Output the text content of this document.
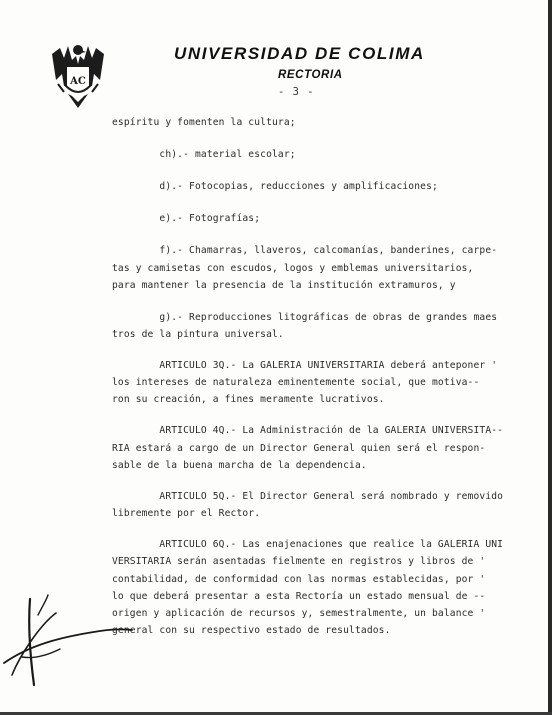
AC
UNIVERSIDAD DE COLIMA
RECTORIA
- 3 -

espíritu y fomenten la cultura;

ch).- material escolar;

d).- Fotocopias, reducciones y amplificaciones;

e).- Fotografías;

f).- Chamarras, llaveros, calcomanías, banderines, carpe-

tas y camisetas con escudos, logos y emblemas universitarios,

para mantener la presencia de la institución extramuros, y

g).- Reproducciones litográficas de obras de grandes maes

tros de la pintura universal.

ARTICULO 3Q.- La GALERIA UNIVERSITARIA deberá anteponer '

los intereses de naturaleza eminentemente social, que motiva--

ron su creación, a fines meramente lucrativos.

ARTICULO 4Q.- La Administración de la GALERIA UNIVERSITA--

RIA estará a cargo de un Director General quien será el respon-

sable de la buena marcha de la dependencia.

ARTICULO 5Q.- El Director General será nombrado y removido

libremente por el Rector.

ARTICULO 6Q.- Las enajenaciones que realice la GALERIA UNI

VERSITARIA serán asentadas fielmente en registros y libros de '

contabilidad, de conformidad con las normas establecidas, por '

lo que deberá presentar a esta Rectoría un estado mensual de --

origen y aplicación de recursos y, semestralmente, un balance '

general con su respectivo estado de resultados.
